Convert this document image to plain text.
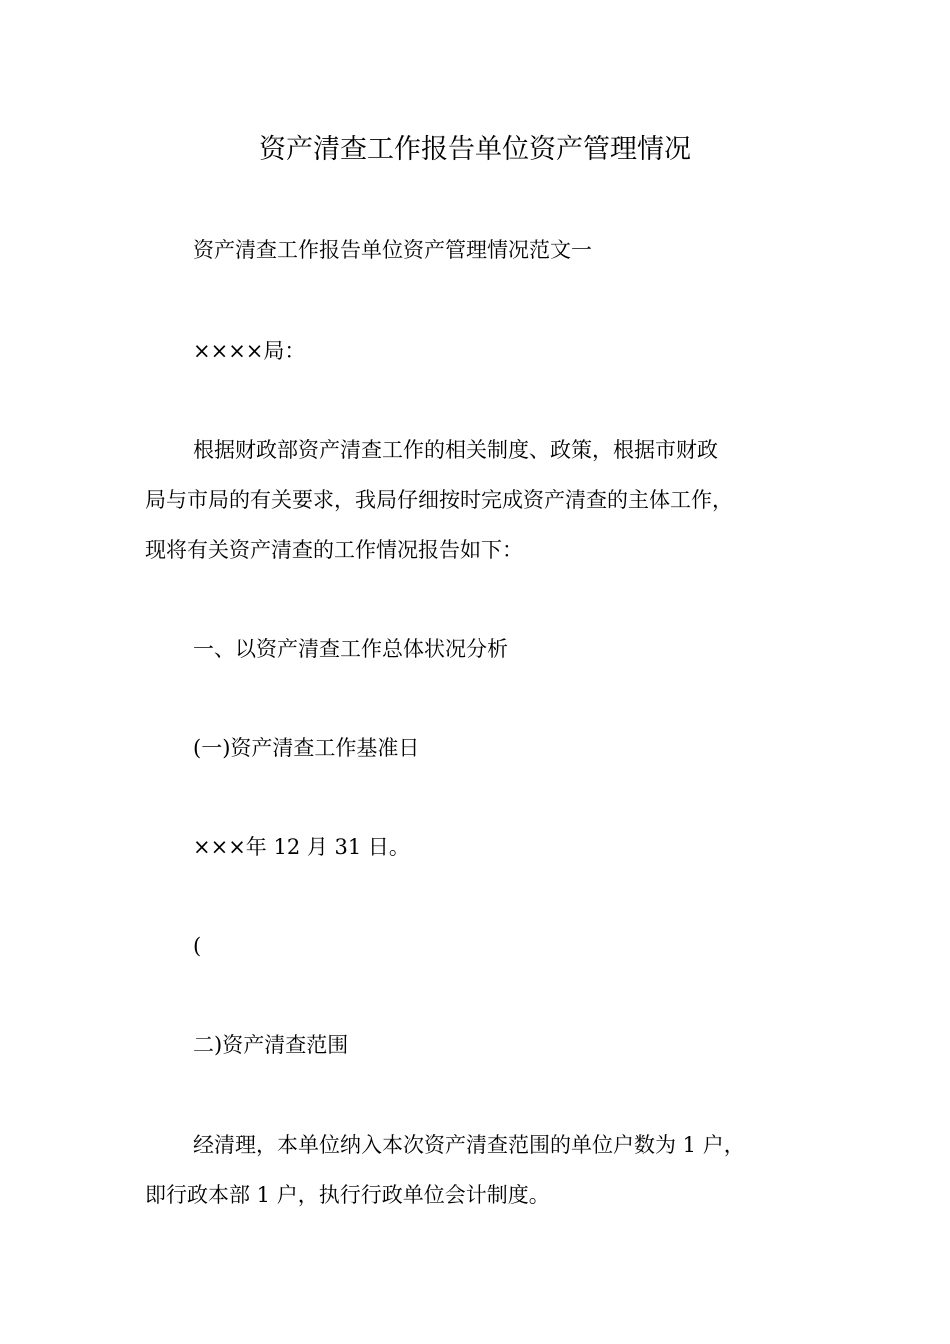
资产清查工作报告单位资产管理情况
资产清查工作报告单位资产管理情况范文一
××××局：
根据财政部资产清查工作的相关制度、政策，根据市财政
局与市局的有关要求，我局仔细按时完成资产清查的主体工作，
现将有关资产清查的工作情况报告如下：
一、以资产清查工作总体状况分析
(一)资产清查工作基准日
×××年 12 月 31 日。
(
二)资产清查范围
经清理，本单位纳入本次资产清查范围的单位户数为 1 户，
即行政本部 1 户，执行行政单位会计制度。
